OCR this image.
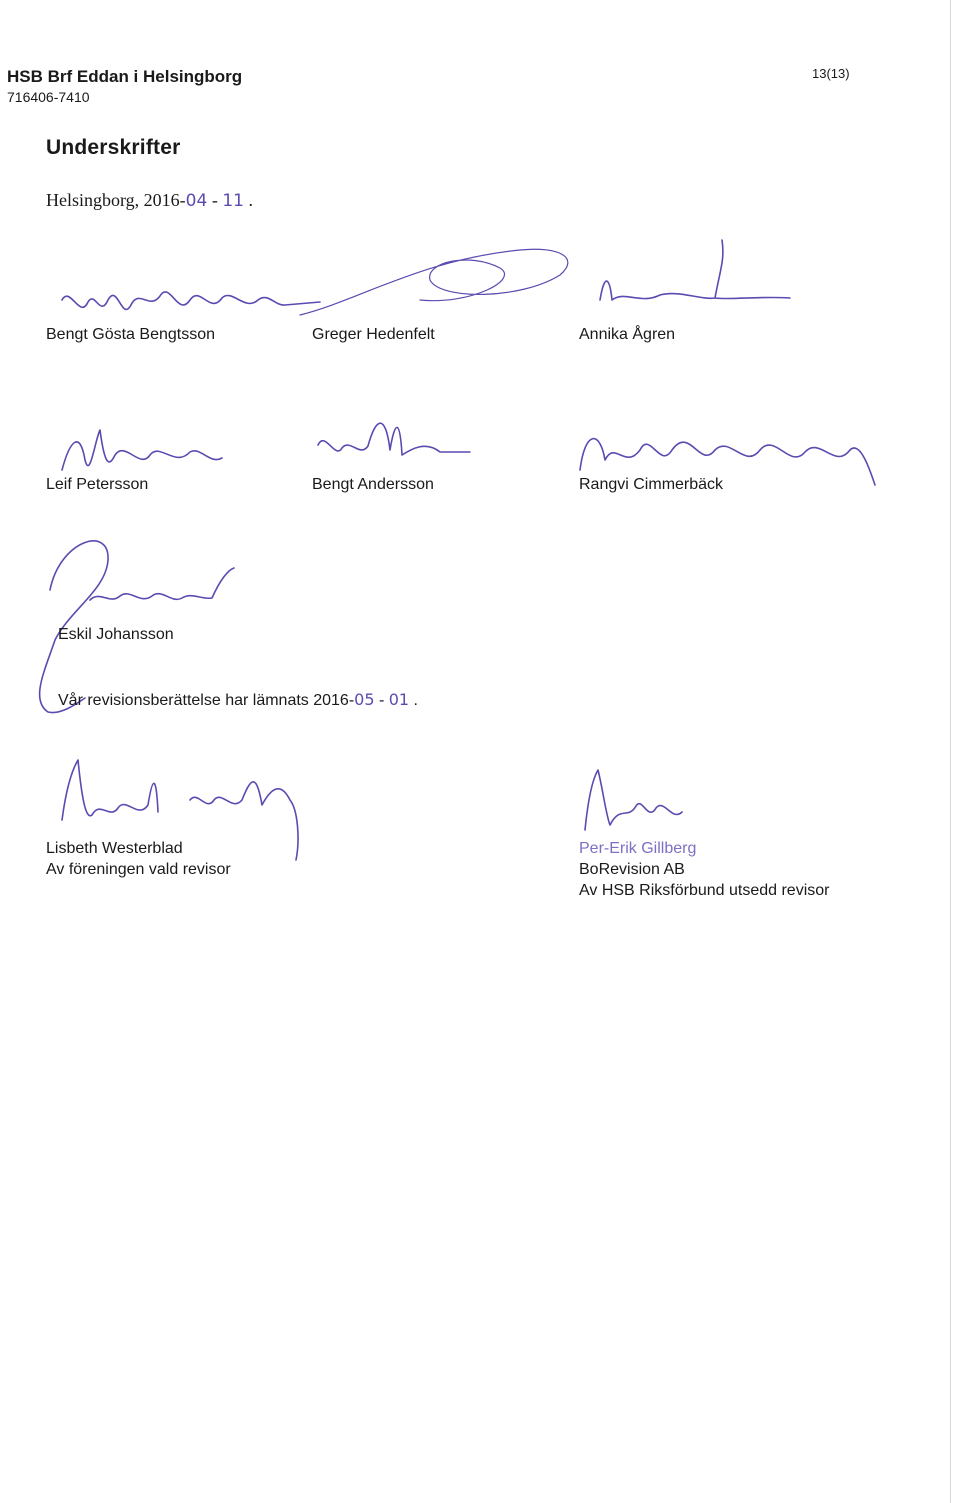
HSB Brf Eddan i Helsingborg
716406-7410
13(13)
Underskrifter
Helsingborg, 2016-04 - 11 .
Bengt Gösta Bengtsson	Greger Hedenfelt	Annika Ågren
Leif Petersson	Bengt Andersson	Rangvi Cimmerbäck
Eskil Johansson
Vår revisionsberättelse har lämnats 2016-05 - 01 .
Lisbeth Westerblad
Av föreningen vald revisor
Per-Erik Gillberg
BoRevision AB
Av HSB Riksförbund utsedd revisor
